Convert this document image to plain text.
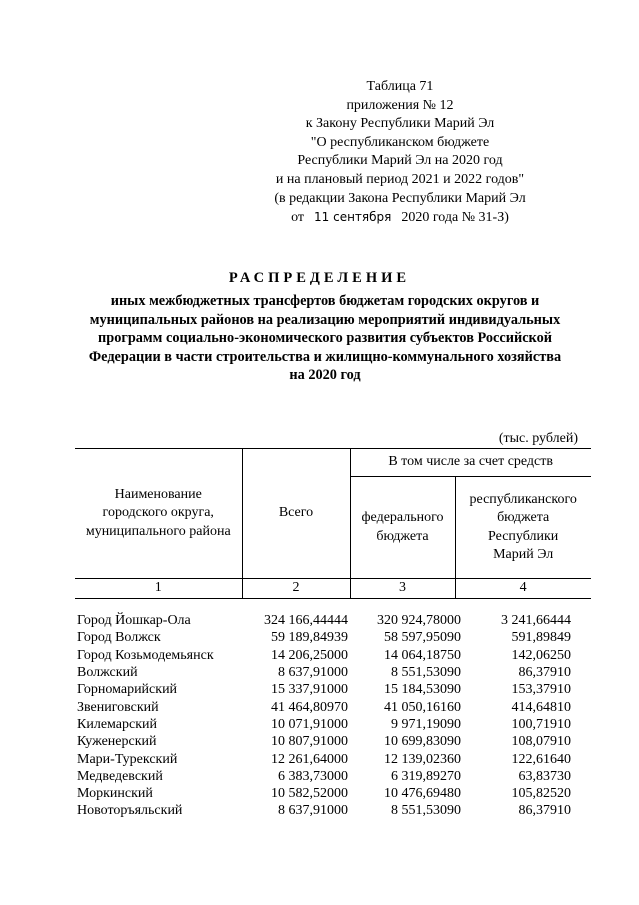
Таблица 71
приложения № 12
к Закону Республики Марий Эл
"О республиканском бюджете
Республики Марий Эл на 2020 год
и на плановый период 2021 и 2022 годов"
(в редакции Закона Республики Марий Эл
от 11 сентября 2020 года № 31-З)
РАСПРЕДЕЛЕНИЕ
иных межбюджетных трансфертов бюджетам городских округов и
муниципальных районов на реализацию мероприятий индивидуальных
программ социально-экономического развития субъектов Российской
Федерации в части строительства и жилищно-коммунального хозяйства
на 2020 год
(тыс. рублей)
Наименование городского округа, муниципального района	Всего	В том числе за счет средств	
		федерального бюджета	республиканского бюджета Республики Марий Эл
1	2	3	4
Город Йошкар-Ола	324 166,44444	320 924,78000	3 241,66444
Город Волжск	59 189,84939	58 597,95090	591,89849
Город Козьмодемьянск	14 206,25000	14 064,18750	142,06250
Волжский	8 637,91000	8 551,53090	86,37910
Горномарийский	15 337,91000	15 184,53090	153,37910
Звениговский	41 464,80970	41 050,16160	414,64810
Килемарский	10 071,91000	9 971,19090	100,71910
Куженерский	10 807,91000	10 699,83090	108,07910
Мари-Турекский	12 261,64000	12 139,02360	122,61640
Медведевский	6 383,73000	6 319,89270	63,83730
Моркинский	10 582,52000	10 476,69480	105,82520
Новоторъяльский	8 637,91000	8 551,53090	86,37910
